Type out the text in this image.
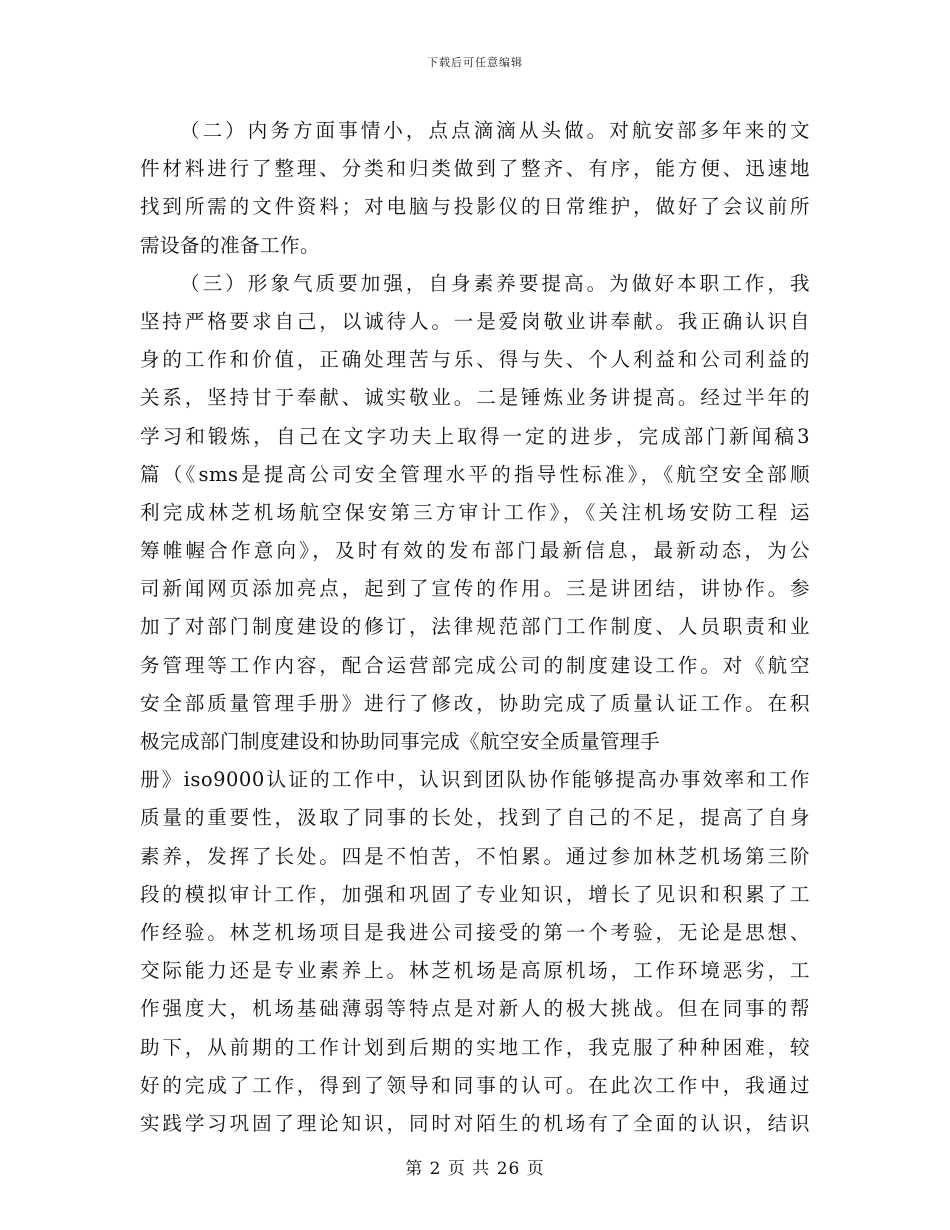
下载后可任意编辑
（二）内务方面事情小，点点滴滴从头做。对航安部多年来的文
件材料进行了整理、分类和归类做到了整齐、有序，能方便、迅速地
找到所需的文件资料；对电脑与投影仪的日常维护，做好了会议前所
需设备的准备工作。
（三）形象气质要加强，自身素养要提高。为做好本职工作，我
坚持严格要求自己，以诚待人。一是爱岗敬业讲奉献。我正确认识自
身的工作和价值，正确处理苦与乐、得与失、个人利益和公司利益的
关系，坚持甘于奉献、诚实敬业。二是锤炼业务讲提高。经过半年的
学习和锻炼，自己在文字功夫上取得一定的进步，完成部门新闻稿3
篇（《sms是提高公司安全管理水平的指导性标准》，《航空安全部顺
利完成林芝机场航空保安第三方审计工作》，《关注机场安防工程 运
筹帷幄合作意向》，及时有效的发布部门最新信息，最新动态，为公
司新闻网页添加亮点，起到了宣传的作用。三是讲团结，讲协作。参
加了对部门制度建设的修订，法律规范部门工作制度、人员职责和业
务管理等工作内容，配合运营部完成公司的制度建设工作。对《航空
安全部质量管理手册》进行了修改，协助完成了质量认证工作。在积
极完成部门制度建设和协助同事完成《航空安全质量管理手
册》iso9000认证的工作中，认识到团队协作能够提高办事效率和工作
质量的重要性，汲取了同事的长处，找到了自己的不足，提高了自身
素养，发挥了长处。四是不怕苦，不怕累。通过参加林芝机场第三阶
段的模拟审计工作，加强和巩固了专业知识，增长了见识和积累了工
作经验。林芝机场项目是我进公司接受的第一个考验，无论是思想、
交际能力还是专业素养上。林芝机场是高原机场，工作环境恶劣，工
作强度大，机场基础薄弱等特点是对新人的极大挑战。但在同事的帮
助下，从前期的工作计划到后期的实地工作，我克服了种种困难，较
好的完成了工作，得到了领导和同事的认可。在此次工作中，我通过
实践学习巩固了理论知识，同时对陌生的机场有了全面的认识，结识
第 2 页 共 26 页
